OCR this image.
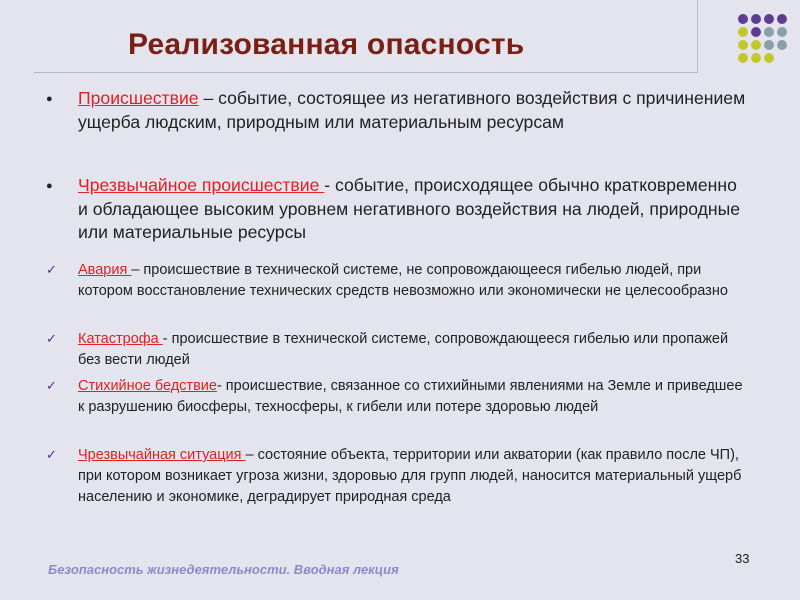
Реализованная опасность
● Происшествие – событие, состоящее из негативного воздействия с причинением ущерба людским, природным или материальным ресурсам
● Чрезвычайное происшествие - событие, происходящее обычно кратковременно и обладающее высоким уровнем негативного воздействия на людей, природные или материальные ресурсы
✓ Авария – происшествие в технической системе, не сопровождающееся гибелью людей, при котором восстановление технических средств невозможно или экономически не целесообразно
✓ Катастрофа - происшествие в технической системе, сопровождающееся гибелью или пропажей без вести людей
✓ Стихийное бедствие- происшествие, связанное со стихийными явлениями на Земле и приведшее к разрушению биосферы, техносферы, к гибели или потере здоровью людей
✓ Чрезвычайная ситуация – состояние объекта, территории или акватории (как правило после ЧП), при котором возникает угроза жизни, здоровью для групп людей, наносится материальный ущерб населению и экономике, деградирует природная среда
Безопасность жизнедеятельности. Вводная лекция
33
